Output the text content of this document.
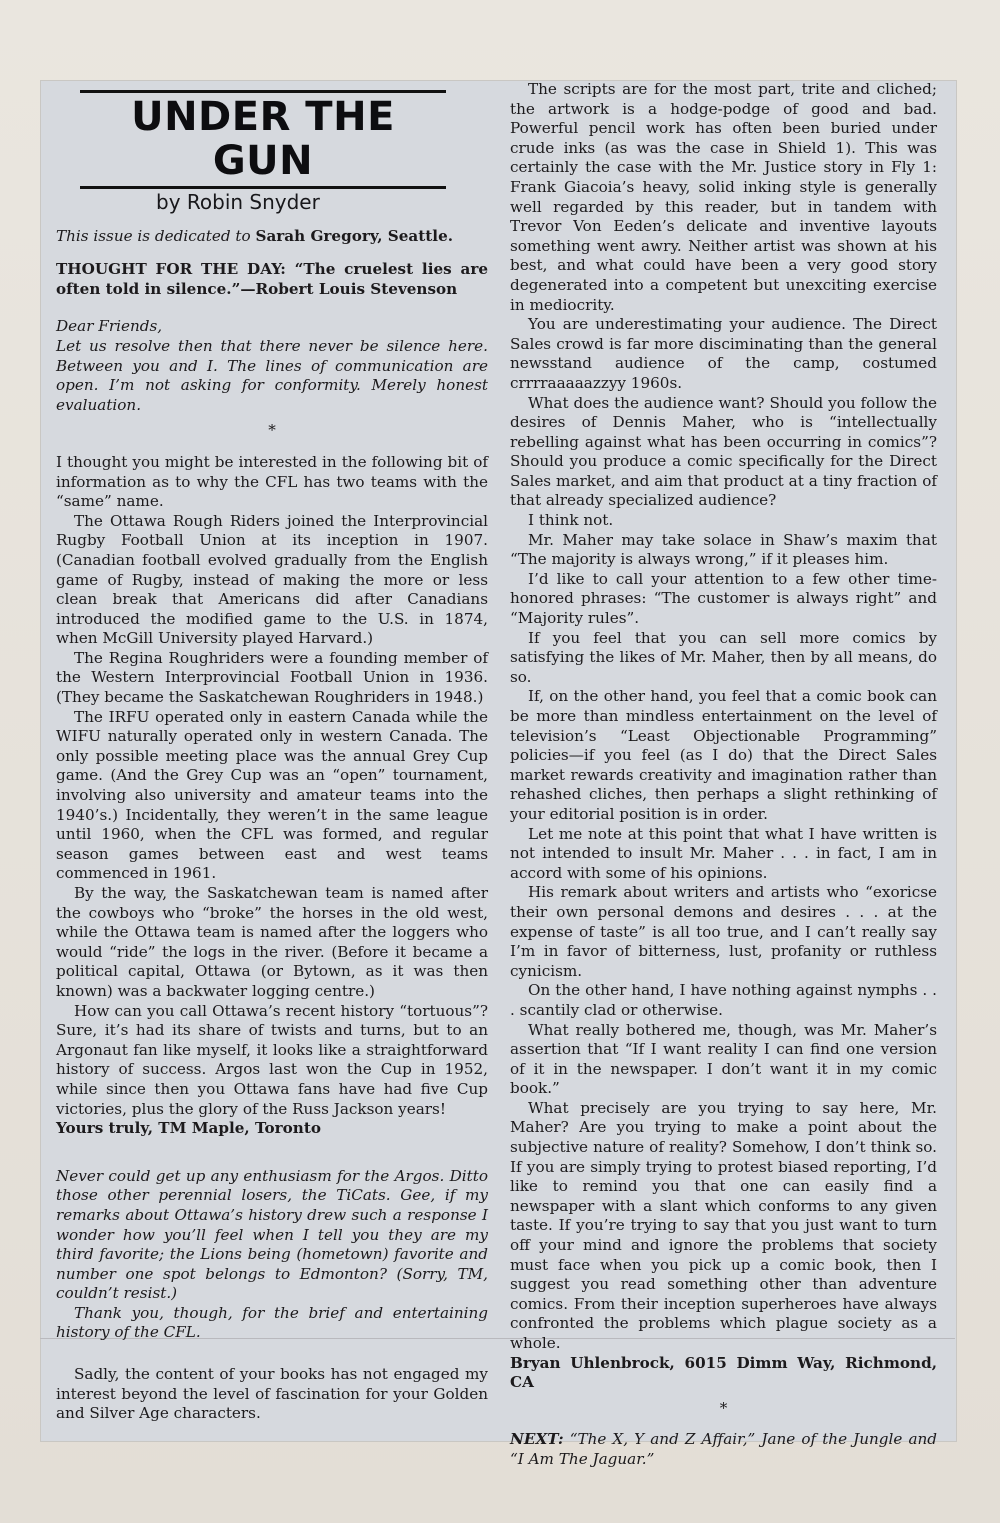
UNDER THE GUN
by Robin Snyder

This issue is dedicated to Sarah Gregory, Seattle.

THOUGHT FOR THE DAY: “The cruelest lies are often told in silence.”—Robert Louis Stevenson

Dear Friends,

Let us resolve then that there never be silence here. Between you and I. The lines of communication are open. I’m not asking for conformity. Merely honest evaluation.

*

I thought you might be interested in the following bit of information as to why the CFL has two teams with the “same” name.

The Ottawa Rough Riders joined the Interprovincial Rugby Football Union at its inception in 1907. (Canadian football evolved gradually from the English game of Rugby, instead of making the more or less clean break that Americans did after Canadians introduced the modified game to the U.S. in 1874, when McGill University played Harvard.)

The Regina Roughriders were a founding member of the Western Interprovincial Football Union in 1936. (They became the Saskatchewan Roughriders in 1948.)

The IRFU operated only in eastern Canada while the WIFU naturally operated only in western Canada. The only possible meeting place was the annual Grey Cup game. (And the Grey Cup was an “open” tournament, involving also university and amateur teams into the 1940’s.) Incidentally, they weren’t in the same league until 1960, when the CFL was formed, and regular season games between east and west teams commenced in 1961.

By the way, the Saskatchewan team is named after the cowboys who “broke” the horses in the old west, while the Ottawa team is named after the loggers who would “ride” the logs in the river. (Before it became a political capital, Ottawa (or Bytown, as it was then known) was a backwater logging centre.)

How can you call Ottawa’s recent history “tortuous”? Sure, it’s had its share of twists and turns, but to an Argonaut fan like myself, it looks like a straightforward history of success. Argos last won the Cup in 1952, while since then you Ottawa fans have had five Cup victories, plus the glory of the Russ Jackson years!

Yours truly, TM Maple, Toronto

Never could get up any enthusiasm for the Argos. Ditto those other perennial losers, the TiCats. Gee, if my remarks about Ottawa’s history drew such a response I wonder how you’ll feel when I tell you they are my third favorite; the Lions being (hometown) favorite and number one spot belongs to Edmonton? (Sorry, TM, couldn’t resist.)

Thank you, though, for the brief and entertaining history of the CFL.

Sadly, the content of your books has not engaged my interest beyond the level of fascination for your Golden and Silver Age characters.

The scripts are for the most part, trite and cliched; the artwork is a hodge-podge of good and bad. Powerful pencil work has often been buried under crude inks (as was the case in Shield 1). This was certainly the case with the Mr. Justice story in Fly 1: Frank Giacoia’s heavy, solid inking style is generally well regarded by this reader, but in tandem with Trevor Von Eeden’s delicate and inventive layouts something went awry. Neither artist was shown at his best, and what could have been a very good story degenerated into a competent but unexciting exercise in mediocrity.

You are underestimating your audience. The Direct Sales crowd is far more disciminating than the general newsstand audience of the camp, costumed crrrraaaaazzyy 1960s.

What does the audience want? Should you follow the desires of Dennis Maher, who is “intellectually rebelling against what has been occurring in comics”? Should you produce a comic specifically for the Direct Sales market, and aim that product at a tiny fraction of that already specialized audience?

I think not.

Mr. Maher may take solace in Shaw’s maxim that “The majority is always wrong,” if it pleases him.

I’d like to call your attention to a few other time-honored phrases: “The customer is always right” and “Majority rules”.

If you feel that you can sell more comics by satisfying the likes of Mr. Maher, then by all means, do so.

If, on the other hand, you feel that a comic book can be more than mindless entertainment on the level of television’s “Least Objectionable Programming” policies—if you feel (as I do) that the Direct Sales market rewards creativity and imagination rather than rehashed cliches, then perhaps a slight rethinking of your editorial position is in order.

Let me note at this point that what I have written is not intended to insult Mr. Maher . . . in fact, I am in accord with some of his opinions.

His remark about writers and artists who “exoricse their own personal demons and desires . . . at the expense of taste” is all too true, and I can’t really say I’m in favor of bitterness, lust, profanity or ruthless cynicism.

On the other hand, I have nothing against nymphs . . . scantily clad or otherwise.

What really bothered me, though, was Mr. Maher’s assertion that “If I want reality I can find one version of it in the newspaper. I don’t want it in my comic book.”

What precisely are you trying to say here, Mr. Maher? Are you trying to make a point about the subjective nature of reality? Somehow, I don’t think so. If you are simply trying to protest biased reporting, I’d like to remind you that one can easily find a newspaper with a slant which conforms to any given taste. If you’re trying to say that you just want to turn off your mind and ignore the problems that society must face when you pick up a comic book, then I suggest you read something other than adventure comics. From their inception superheroes have always confronted the problems which plague society as a whole.

Bryan Uhlenbrock, 6015 Dimm Way, Richmond, CA

*

NEXT: “The X, Y and Z Affair,” Jane of the Jungle and “I Am The Jaguar.”
